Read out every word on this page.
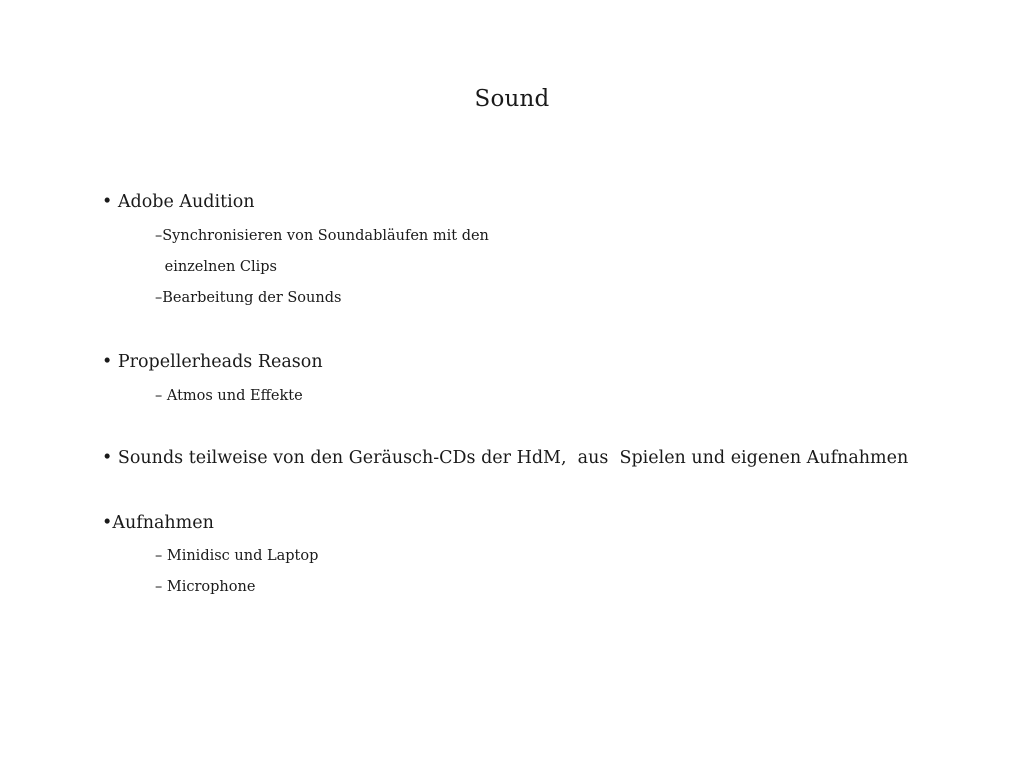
Sound
• Adobe Audition
–Synchronisieren von Soundabläufen mit den
einzelnen Clips
–Bearbeitung der Sounds
• Propellerheads Reason
– Atmos und Effekte
• Sounds teilweise von den Geräusch-CDs der HdM,  aus  Spielen und eigenen Aufnahmen
•Aufnahmen
– Minidisc und Laptop
– Microphone
